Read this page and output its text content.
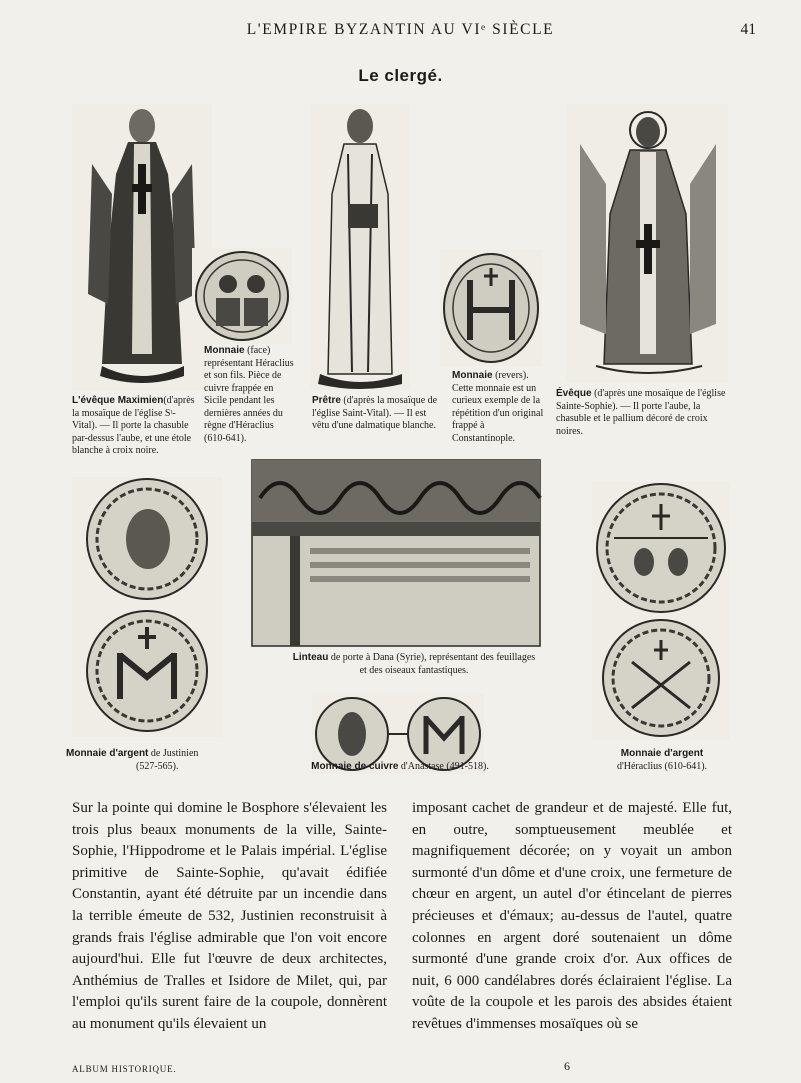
L'EMPIRE BYZANTIN AU VIᵉ SIÈCLE	41
Le clergé.
L'évêque Maximien(d'après la mosaïque de l'église Sᵗ-Vital). — Il porte la chasuble par-dessus l'aube, et une étole blanche à croix noire.
Monnaie (face) représentant Héraclius et son fils. Pièce de cuivre frappée en Sicile pendant les dernières années du règne d'Héraclius (610-641).
Prêtre (d'après la mosaïque de l'église Saint-Vital). — Il est vêtu d'une dalmatique blanche.
Monnaie (revers). Cette monnaie est un curieux exemple de la répétition d'un original frappé à Constantinople.
Évêque (d'après une mosaïque de l'église Sainte-Sophie). — Il porte l'aube, la chasuble et le pallium décoré de croix noires.
Linteau de porte à Dana (Syrie), représentant des feuillages et des oiseaux fantastiques.
Monnaie d'argent de Justinien
(527-565).	Monnaie de cuivre d'Anastase (491-518).
Monnaie d'argent
d'Héraclius (610-641).
Sur la pointe qui domine le Bosphore s'élevaient les trois plus beaux monuments de la ville, Sainte-Sophie, l'Hippodrome et le Palais impérial. L'église primitive de Sainte-Sophie, qu'avait édifiée Constantin, ayant été détruite par un incendie dans la terrible émeute de 532, Justinien reconstruisit à grands frais l'église admirable que l'on voit encore aujourd'hui. Elle fut l'œuvre de deux architectes, Anthémius de Tralles et Isidore de Milet, qui, par l'emploi qu'ils surent faire de la coupole, donnèrent au monument qu'ils élevaient un
imposant cachet de grandeur et de majesté. Elle fut, en outre, somptueusement meublée et magnifiquement décorée; on y voyait un ambon surmonté d'un dôme et d'une croix, une fermeture de chœur en argent, un autel d'or étincelant de pierres précieuses et d'émaux; au-dessus de l'autel, quatre colonnes en argent doré soutenaient un dôme surmonté d'une grande croix d'or. Aux offices de nuit, 6 000 candélabres dorés éclairaient l'église. La voûte de la coupole et les parois des absides étaient revêtues d'immenses mosaïques où se
ALBUM HISTORIQUE.	6
